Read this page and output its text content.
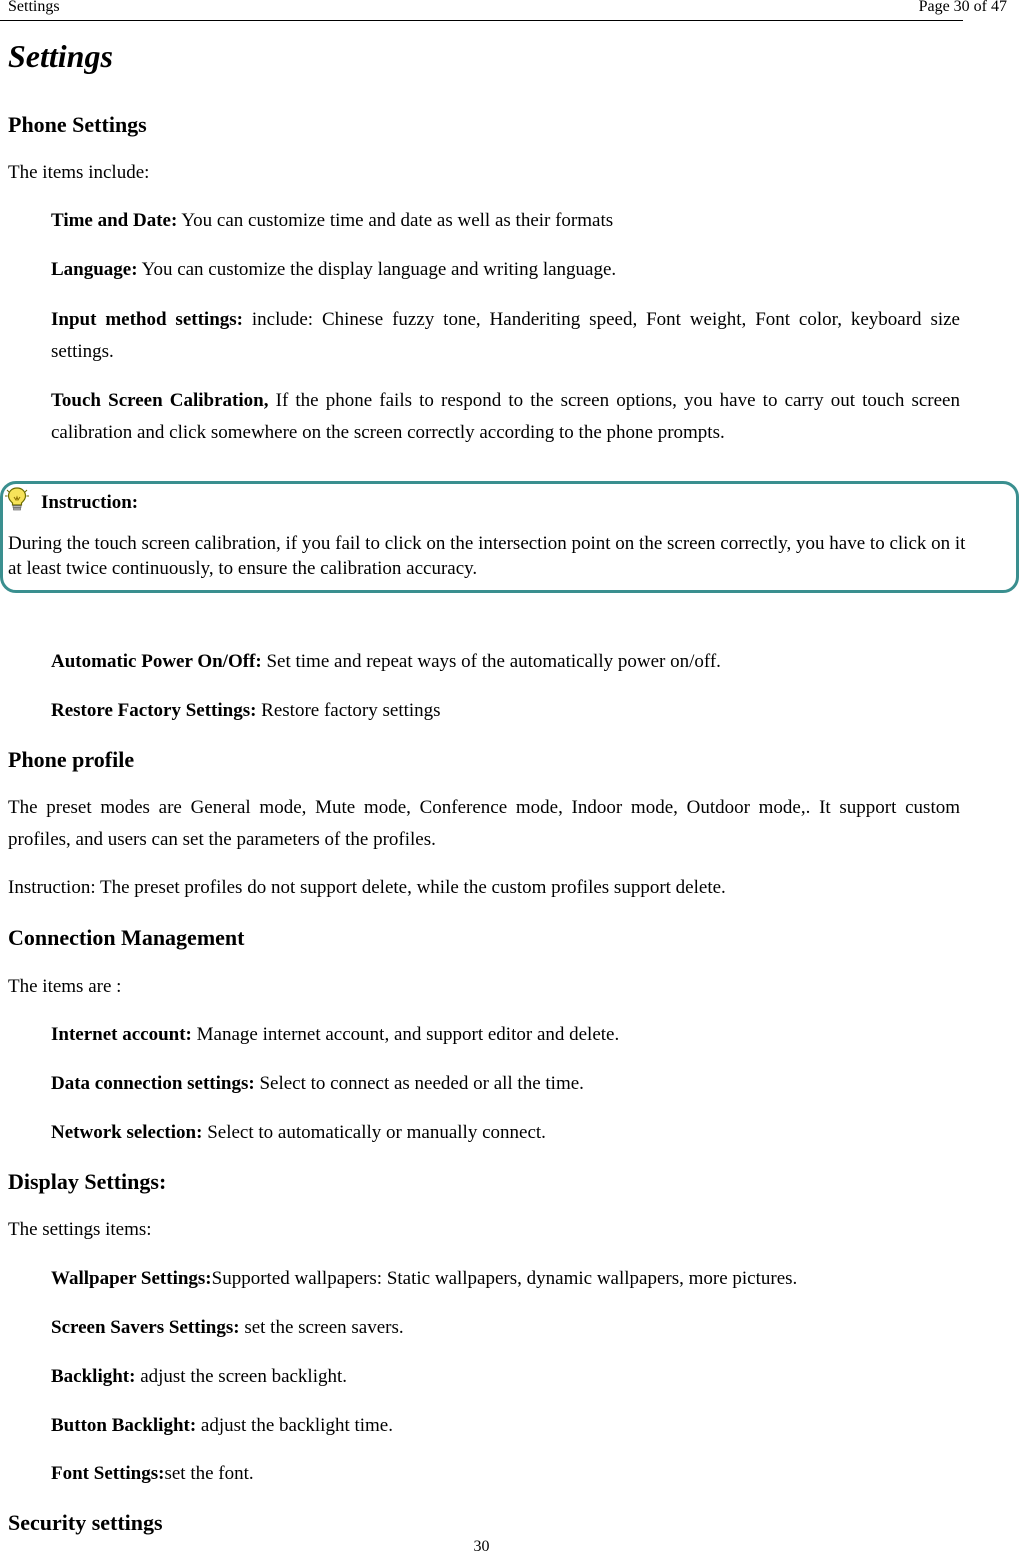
Settings	Page 30 of 47
Settings
Phone Settings

The items include:

Time and Date: You can customize time and date as well as their formats

Language: You can customize the display language and writing language.

Input method settings: include: Chinese fuzzy tone, Handeriting speed, Font weight, Font color, keyboard size settings.

Touch Screen Calibration, If the phone fails to respond to the screen options, you have to carry out touch screen calibration and click somewhere on the screen correctly according to the phone prompts.

Instruction:

During the touch screen calibration, if you fail to click on the intersection point on the screen correctly, you have to click on it at least twice continuously, to ensure the calibration accuracy.

Automatic Power On/Off: Set time and repeat ways of the automatically power on/off.

Restore Factory Settings: Restore factory settings

Phone profile

The preset modes are General mode, Mute mode, Conference mode, Indoor mode, Outdoor mode,. It support custom profiles, and users can set the parameters of the profiles.

Instruction: The preset profiles do not support delete, while the custom profiles support delete.

Connection Management

The items are :

Internet account: Manage internet account, and support editor and delete.

Data connection settings: Select to connect as needed or all the time.

Network selection: Select to automatically or manually connect.

Display Settings:

The settings items:

Wallpaper Settings:Supported wallpapers: Static wallpapers, dynamic wallpapers, more pictures.

Screen Savers Settings: set the screen savers.

Backlight: adjust the screen backlight.

Button Backlight: adjust the backlight time.

Font Settings:set the font.

Security settings
30
